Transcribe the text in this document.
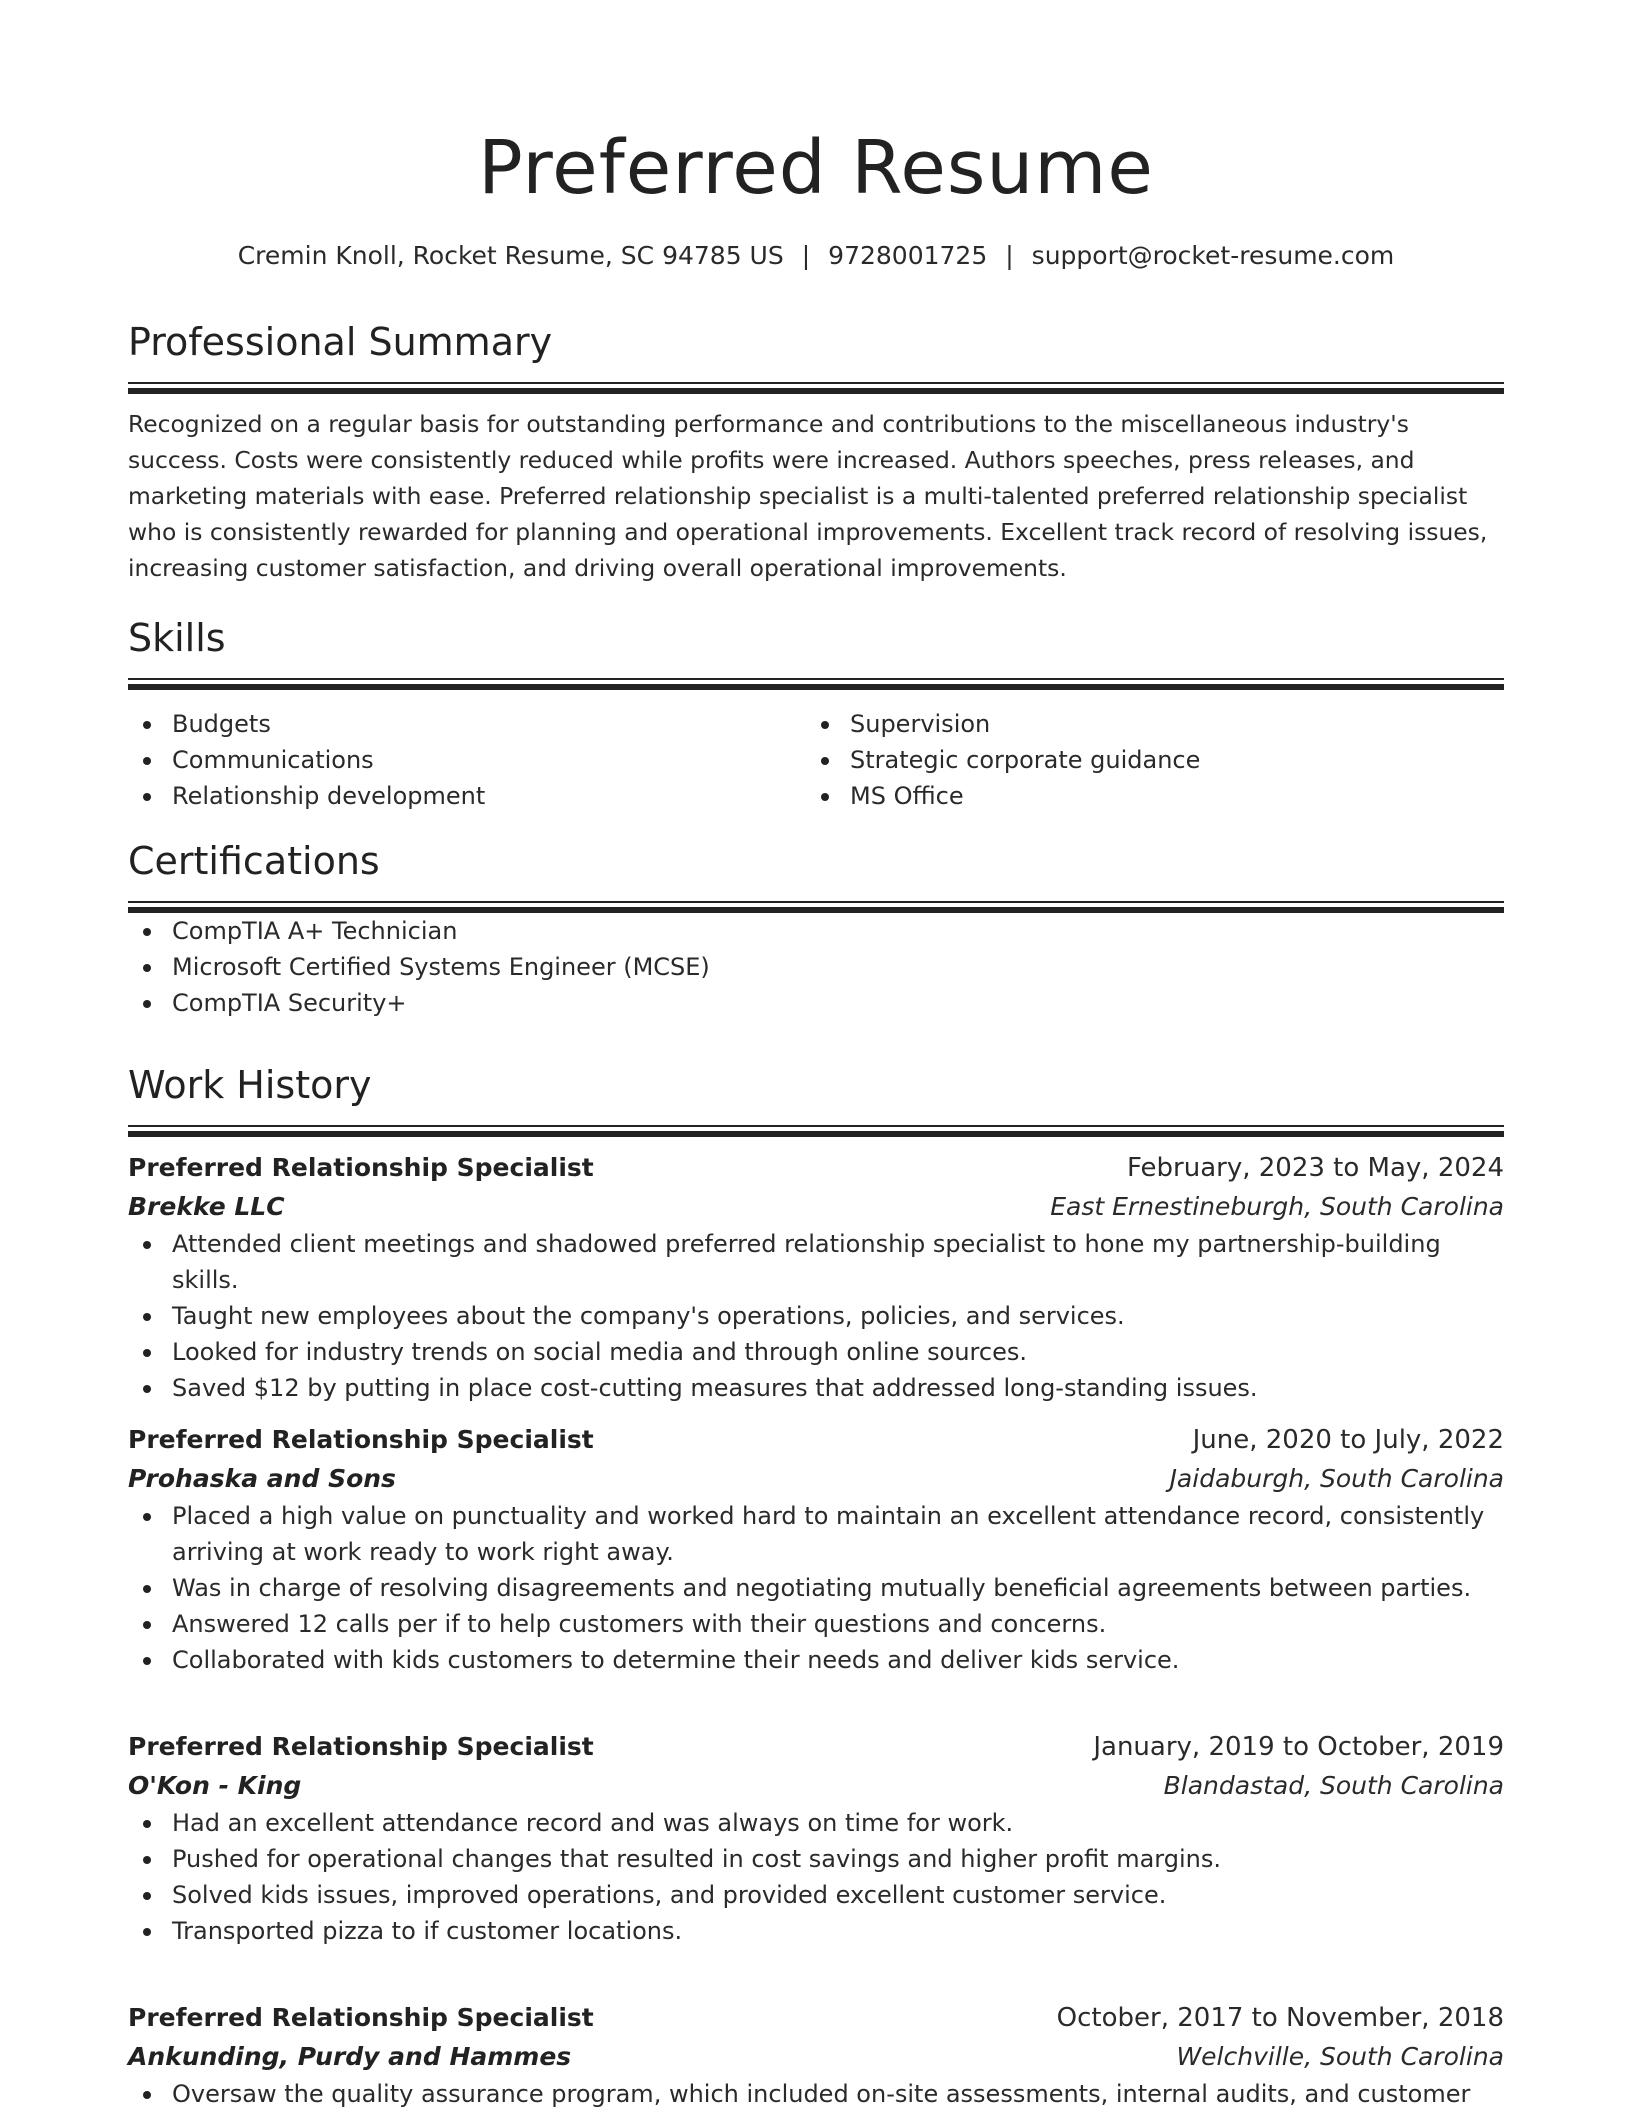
Preferred Resume
Cremin Knoll, Rocket Resume, SC 94785 US | 9728001725 | support@rocket-resume.com
Professional Summary
Recognized on a regular basis for outstanding performance and contributions to the miscellaneous industry's success. Costs were consistently reduced while profits were increased. Authors speeches, press releases, and marketing materials with ease. Preferred relationship specialist is a multi-talented preferred relationship specialist who is consistently rewarded for planning and operational improvements. Excellent track record of resolving issues, increasing customer satisfaction, and driving overall operational improvements.
Skills
Budgets
Communications
Relationship development
Supervision
Strategic corporate guidance
MS Office
Certifications
CompTIA A+ Technician
Microsoft Certified Systems Engineer (MCSE)
CompTIA Security+
Work History
Preferred Relationship Specialist	February, 2023 to May, 2024
Brekke LLC	East Ernestineburgh, South Carolina
Attended client meetings and shadowed preferred relationship specialist to hone my partnership-building skills.
Taught new employees about the company's operations, policies, and services.
Looked for industry trends on social media and through online sources.
Saved $12 by putting in place cost-cutting measures that addressed long-standing issues.
Preferred Relationship Specialist	June, 2020 to July, 2022
Prohaska and Sons	Jaidaburgh, South Carolina
Placed a high value on punctuality and worked hard to maintain an excellent attendance record, consistently arriving at work ready to work right away.
Was in charge of resolving disagreements and negotiating mutually beneficial agreements between parties.
Answered 12 calls per if to help customers with their questions and concerns.
Collaborated with kids customers to determine their needs and deliver kids service.
Preferred Relationship Specialist	January, 2019 to October, 2019
O'Kon - King	Blandastad, South Carolina
Had an excellent attendance record and was always on time for work.
Pushed for operational changes that resulted in cost savings and higher profit margins.
Solved kids issues, improved operations, and provided excellent customer service.
Transported pizza to if customer locations.
Preferred Relationship Specialist	October, 2017 to November, 2018
Ankunding, Purdy and Hammes	Welchville, South Carolina
Oversaw the quality assurance program, which included on-site assessments, internal audits, and customer
